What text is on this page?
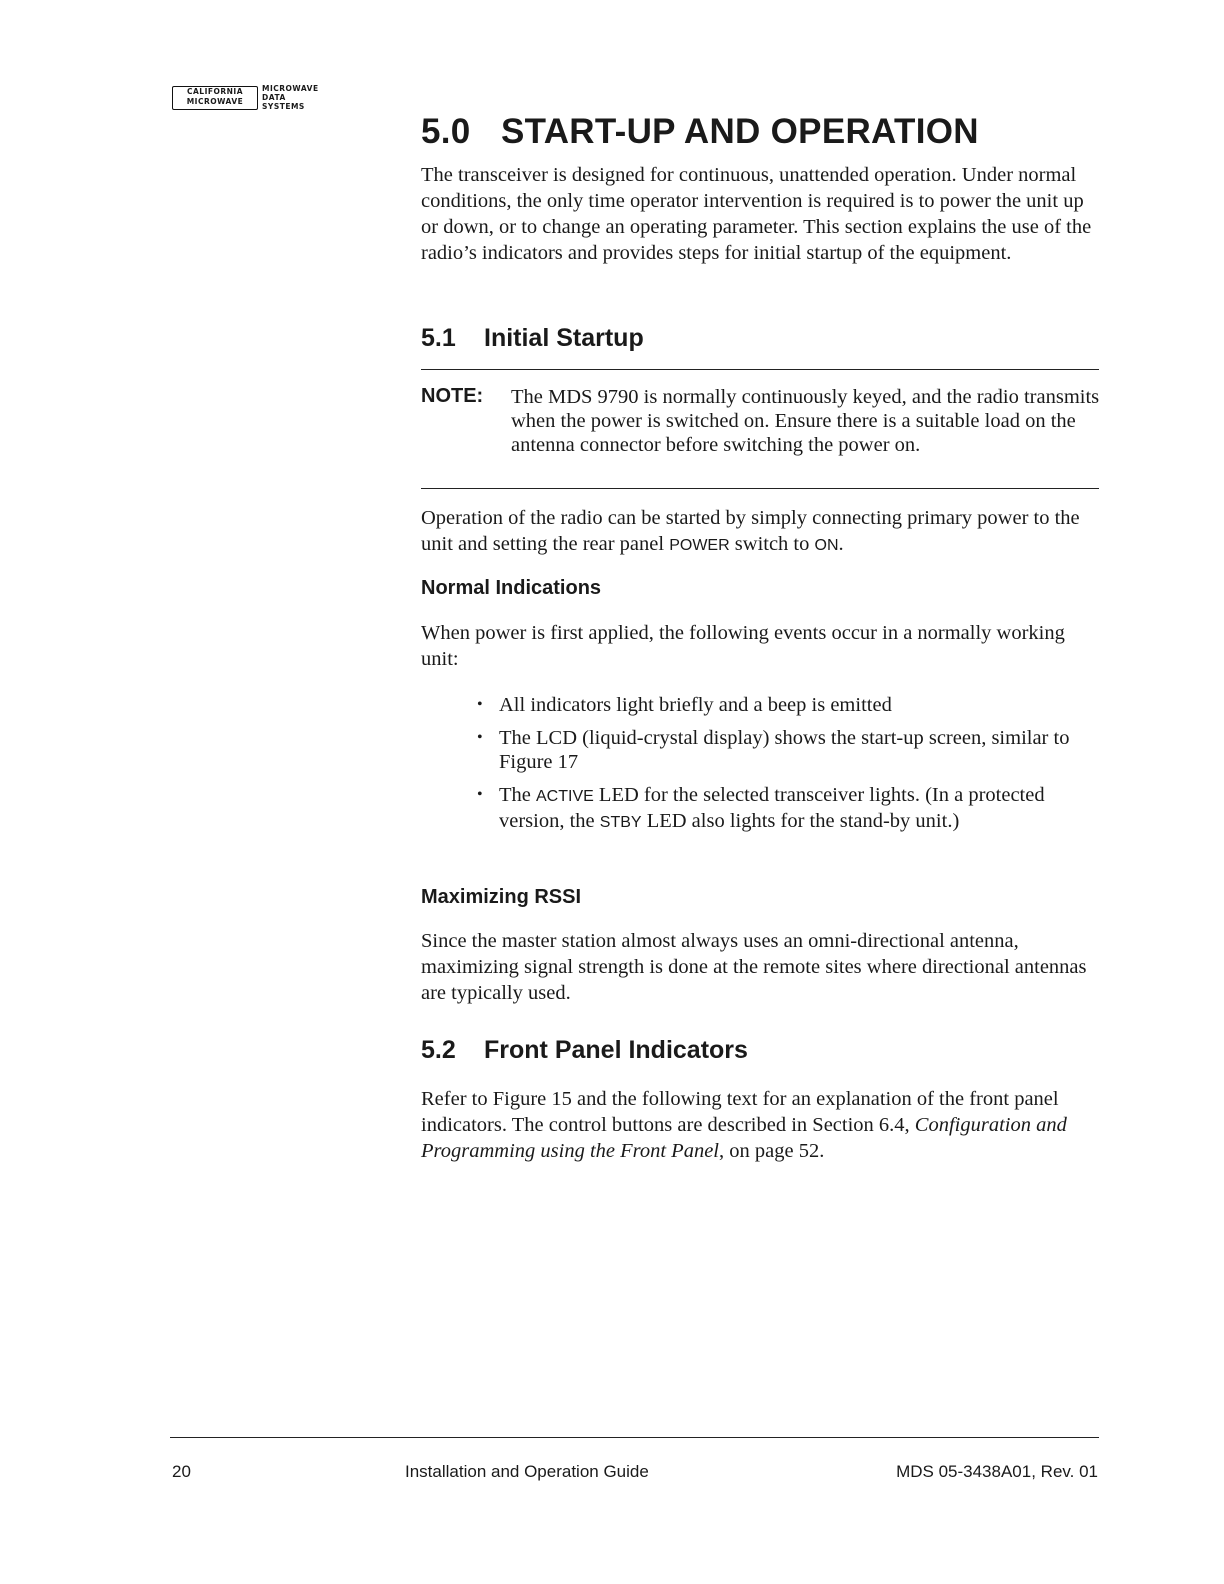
CALIFORNIA
MICROWAVE
MICROWAVE
DATA
SYSTEMS
5.0 START-UP AND OPERATION

The transceiver is designed for continuous, unattended operation. Under normal conditions, the only time operator intervention is required is to power the unit up or down, or to change an operating parameter. This section explains the use of the radio’s indicators and provides steps for initial startup of the equipment.

5.1 Initial Startup
NOTE: The MDS 9790 is normally continuously keyed, and the radio transmits when the power is switched on. Ensure there is a suitable load on the antenna connector before switching the power on.

Operation of the radio can be started by simply connecting primary power to the unit and setting the rear panel POWER switch to ON.

Normal Indications

When power is first applied, the following events occur in a normally working unit:

• All indicators light briefly and a beep is emitted
• The LCD (liquid-crystal display) shows the start-up screen, similar to Figure 17
• The ACTIVE LED for the selected transceiver lights. (In a protected version, the STBY LED also lights for the stand-by unit.)
Maximizing RSSI

Since the master station almost always uses an omni-directional antenna, maximizing signal strength is done at the remote sites where directional antennas are typically used.

5.2 Front Panel Indicators

Refer to Figure 15 and the following text for an explanation of the front panel indicators. The control buttons are described in Section 6.4, Configuration and Programming using the Front Panel, on page 52.

20	Installation and Operation Guide	MDS 05-3438A01, Rev. 01
